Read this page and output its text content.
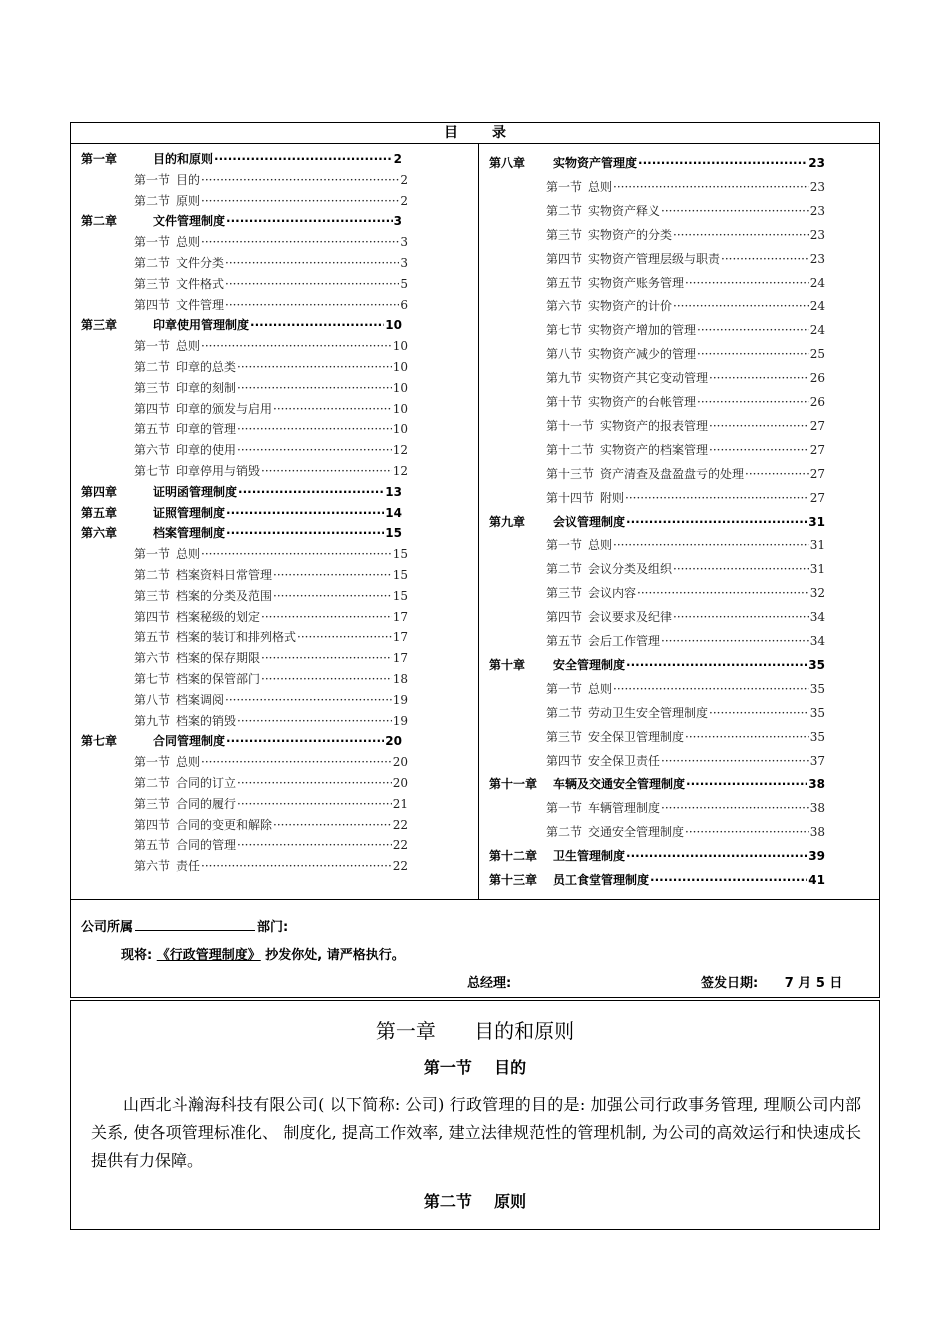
目录
第一章	目的和原则 ·····	2
第一节 目的 ·····	2
第二节 原则 ·····	2
第二章	文件管理制度 ·····	3
第一节 总则 ·····	3
第二节 文件分类 ·····	3
第三节 文件格式 ·····	5
第四节 文件管理 ·····	6
第三章	印章使用管理制度 ·····	10
第一节 总则 ·····	10
第二节 印章的总类 ·····	10
第三节 印章的刻制 ·····	10
第四节 印章的颁发与启用 ·····	10
第五节 印章的管理 ·····	10
第六节 印章的使用 ·····	12
第七节 印章停用与销毁 ·····	12
第四章	证明函管理制度 ·····	13
第五章	证照管理制度 ·····	14
第六章	档案管理制度 ·····	15
第一节 总则 ·····	15
第二节 档案资料日常管理 ·····	15
第三节 档案的分类及范围 ·····	15
第四节 档案秘级的划定 ·····	17
第五节 档案的装订和排列格式 ·····	17
第六节 档案的保存期限 ·····	17
第七节 档案的保管部门 ·····	18
第八节 档案调阅 ·····	19
第九节 档案的销毁 ·····	19
第七章	合同管理制度 ·····	20
第一节 总则 ·····	20
第二节 合同的订立 ·····	20
第三节 合同的履行 ·····	21
第四节 合同的变更和解除 ·····	22
第五节 合同的管理 ·····	22
第六节 责任 ·····	22
第八章	实物资产管理度 ·····	23
第一节 总则 ·····	23
第二节 实物资产释义 ·····	23
第三节 实物资产的分类 ·····	23
第四节 实物资产管理层级与职责 ·····	23
第五节 实物资产账务管理 ·····	24
第六节 实物资产的计价 ·····	24
第七节 实物资产增加的管理 ·····	24
第八节 实物资产减少的管理 ·····	25
第九节 实物资产其它变动管理 ·····	26
第十节 实物资产的台帐管理 ·····	26
第十一节 实物资产的报表管理 ·····	27
第十二节 实物资产的档案管理 ·····	27
第十三节 资产清查及盘盈盘亏的处理 ·····	27
第十四节 附则 ·····	27
第九章	会议管理制度 ·····	31
第一节 总则 ·····	31
第二节 会议分类及组织 ·····	31
第三节 会议内容 ·····	32
第四节 会议要求及纪律 ·····	34
第五节 会后工作管理 ·····	34
第十章	安全管理制度 ·····	35
第一节 总则 ·····	35
第二节 劳动卫生安全管理制度 ·····	35
第三节 安全保卫管理制度 ·····	35
第四节 安全保卫责任 ·····	37
第十一章	车辆及交通安全管理制度 ·····	38
第一节 车辆管理制度 ·····	38
第二节 交通安全管理制度 ·····	38
第十二章	卫生管理制度 ·····	39
第十三章	员工食堂管理制度 ·····	41
公司所属	部门:
现将: 《行政管理制度》 抄发你处, 请严格执行。
总经理:	签发日期: 7 月 5 日
第一章      目的和原则
第一节    目的
山西北斗瀚海科技有限公司( 以下简称: 公司) 行政管理的目的是: 加强公司行政事务管理, 理顺公司内部关系, 使各项管理标准化、 制度化, 提高工作效率, 建立法律规范性的管理机制, 为公司的高效运行和快速成长提供有力保障。
第二节    原则
